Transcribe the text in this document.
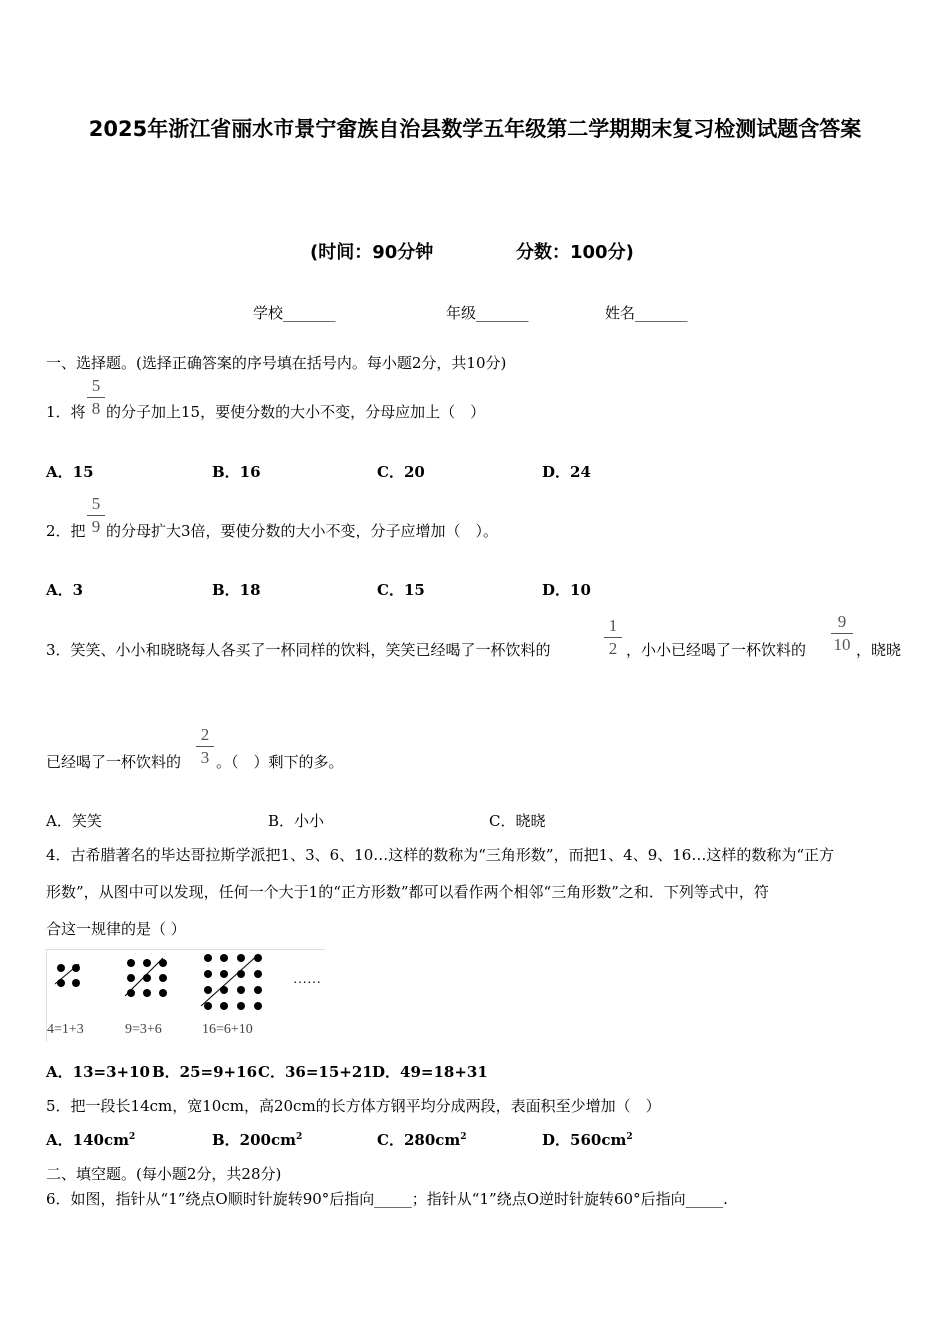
2025年浙江省丽水市景宁畲族自治县数学五年级第二学期期末复习检测试题含答案
(时间：90分钟	分数：100分)
学校_______	年级_______	姓名_______
一、选择题。(选择正确答案的序号填在括号内。每小题2分，共10分)
1．将
5
8 的分子加上15，要使分数的大小不变，分母应加上（　）
A．15	B．16	C．20	D．24
2．把
5
9 的分母扩大3倍，要使分数的大小不变，分子应增加（　）。
A．3	B．18	C．15	D．10
3．笑笑、小小和晓晓每人各买了一杯同样的饮料，笑笑已经喝了一杯饮料的
1
2 ，小小已经喝了一杯饮料的
9
10 ，晓晓
已经喝了一杯饮料的
2
3 。（　）剩下的多。
A．笑笑	B．小小	C．晓晓
4．古希腊著名的毕达哥拉斯学派把1、3、6、10…这样的数称为“三角形数”，而把1、4、9、16…这样的数称为“正方
形数”，从图中可以发现，任何一个大于1的“正方形数”都可以看作两个相邻“三角形数”之和．下列等式中，符
合这一规律的是（ ）
……
4=1+3	9=3+6	16=6+10
A．13=3+10 B．25=9+16 C．36=15+21 D．49=18+31
5．把一段长14cm，宽10cm，高20cm的长方体方钢平均分成两段，表面积至少增加（　）
A．$140cm^2$	B．$200cm^2$	C．$280cm^2$	D．$560cm^2$
二、填空题。(每小题2分，共28分)
6．如图，指针从“1”绕点O顺时针旋转90°后指向_____；指针从“1”绕点O逆时针旋转60°后指向_____.
